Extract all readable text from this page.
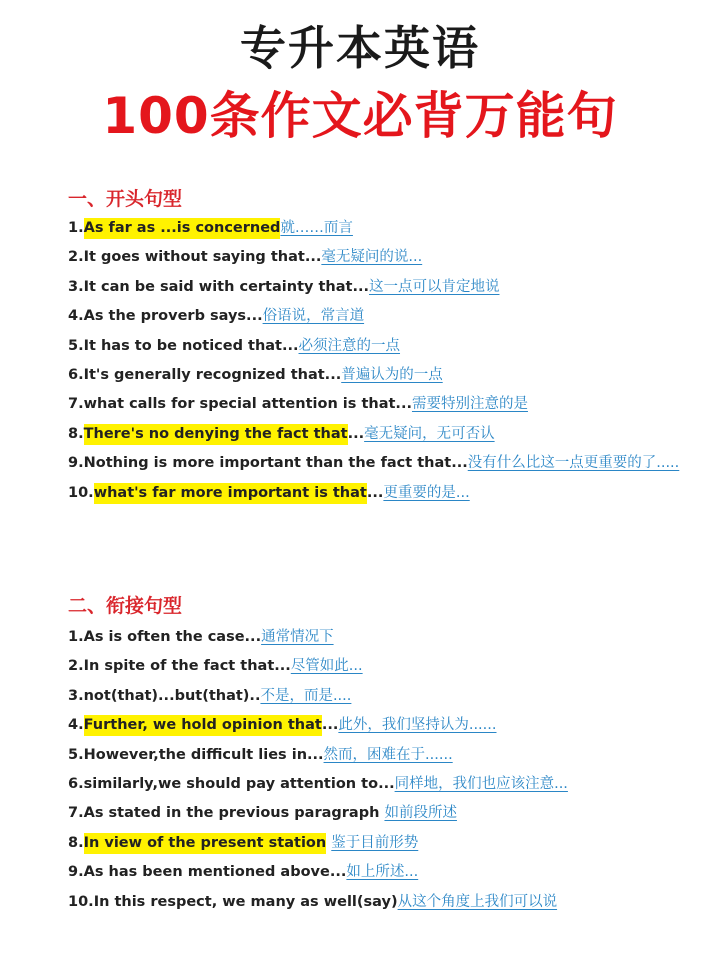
专升本英语
100条作文必背万能句
一、开头句型
1.As far as ...is concerned就……而言
2.It goes without saying that...毫无疑问的说...
3.It can be said with certainty that...这一点可以肯定地说
4.As the proverb says...俗语说，常言道
5.It has to be noticed that...必须注意的一点
6.It's generally recognized that...普遍认为的一点
7.what calls for special attention is that...需要特别注意的是
8.There's no denying the fact that...毫无疑问，无可否认
9.Nothing is more important than the fact that...没有什么比这一点更重要的了.....
10.what's far more important is that...更重要的是...
二、衔接句型
1.As is often the case...通常情况下
2.In spite of the fact that...尽管如此...
3.not(that)...but(that)..不是，而是....
4.Further, we hold opinion that...此外，我们坚持认为......
5.However,the difficult lies in...然而，困难在于......
6.similarly,we should pay attention to...同样地，我们也应该注意...
7.As stated in the previous paragraph 如前段所述
8.In view of the present station 鉴于目前形势
9.As has been mentioned above...如上所述...
10.In this respect, we many as well(say)从这个角度上我们可以说
